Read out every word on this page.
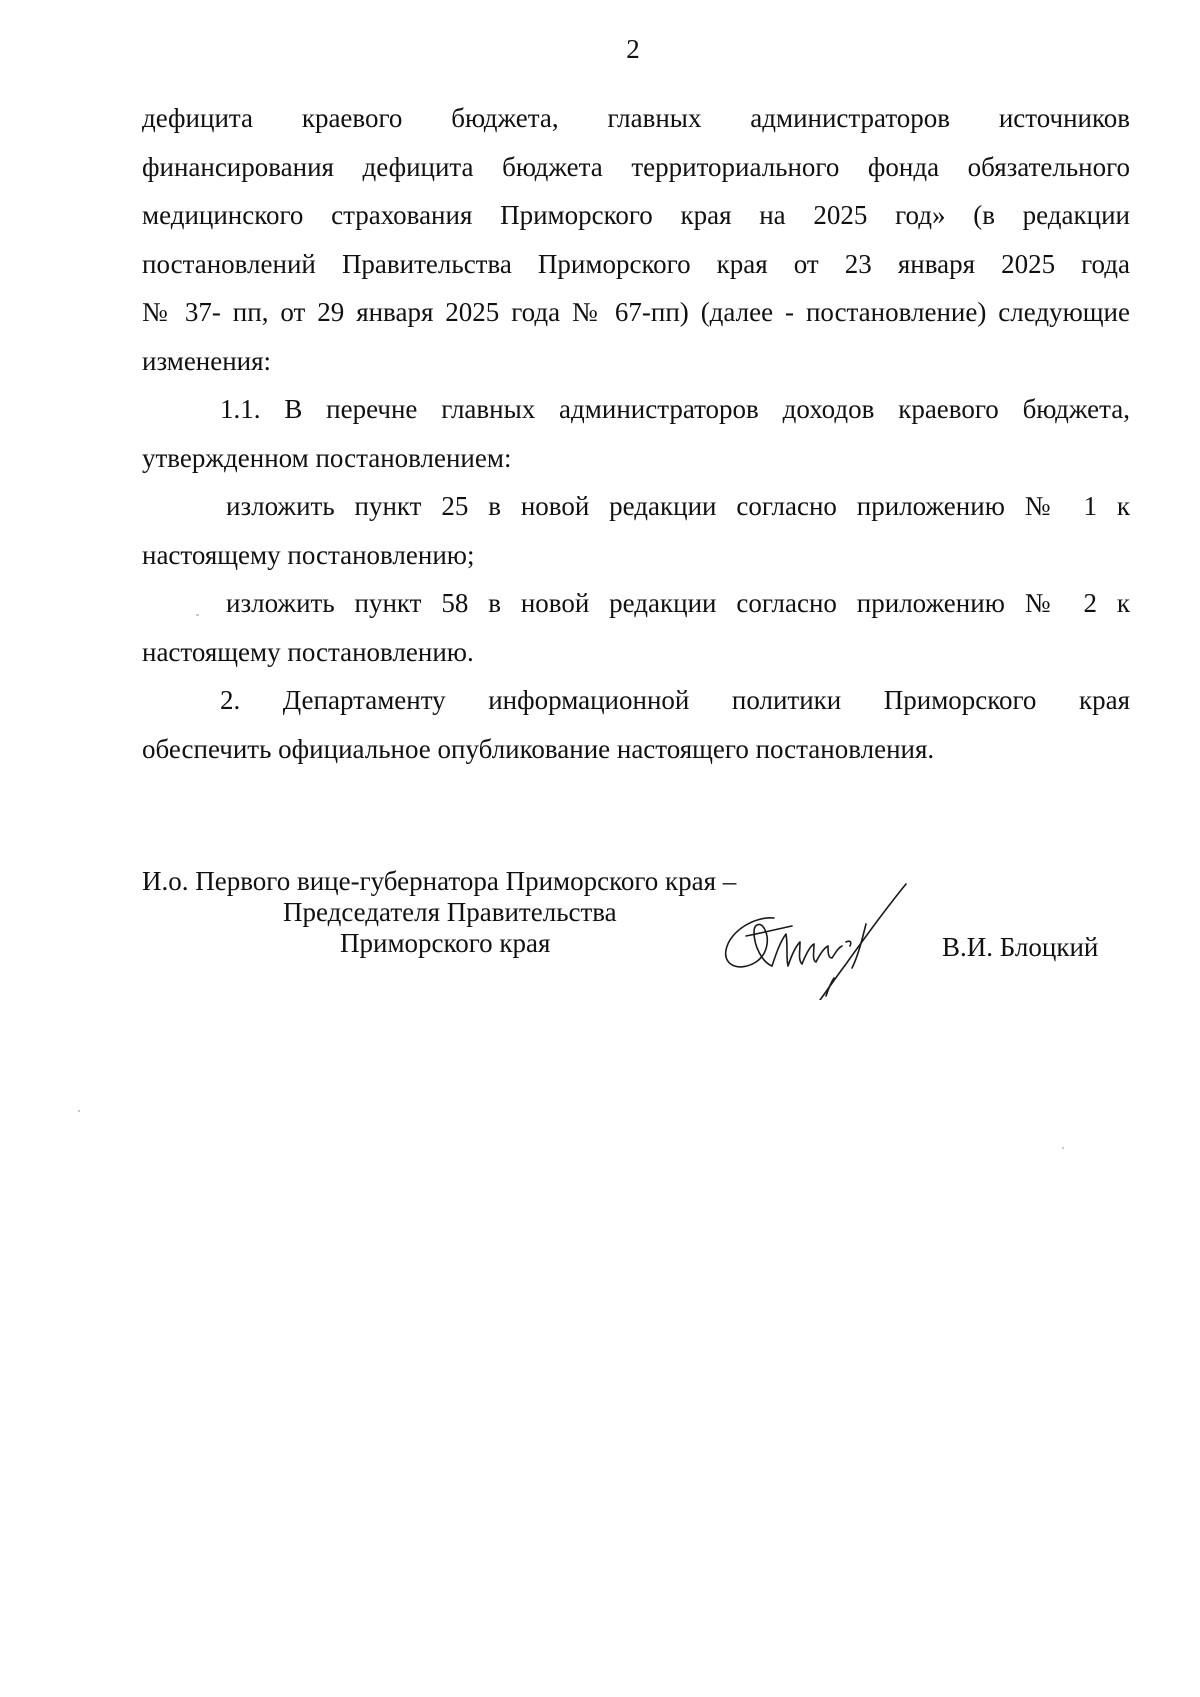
2

дефицита краевого бюджета, главных администраторов источников

финансирования дефицита бюджета территориального фонда обязательного

медицинского страхования Приморского края на 2025 год» (в редакции

постановлений Правительства Приморского края от 23 января 2025 года

№ 37- пп, от 29 января 2025 года № 67-пп) (далее - постановление) следующие

изменения:

1.1. В перечне главных администраторов доходов краевого бюджета,

утвержденном постановлением:

изложить пункт 25 в новой редакции согласно приложению № 1 к

настоящему постановлению;

изложить пункт 58 в новой редакции согласно приложению № 2 к

настоящему постановлению.

2. Департаменту информационной политики Приморского края

обеспечить официальное опубликование настоящего постановления.

И.о. Первого вице-губернатора Приморского края –
Председателя Правительства
Приморского края	В.И. Блоцкий
